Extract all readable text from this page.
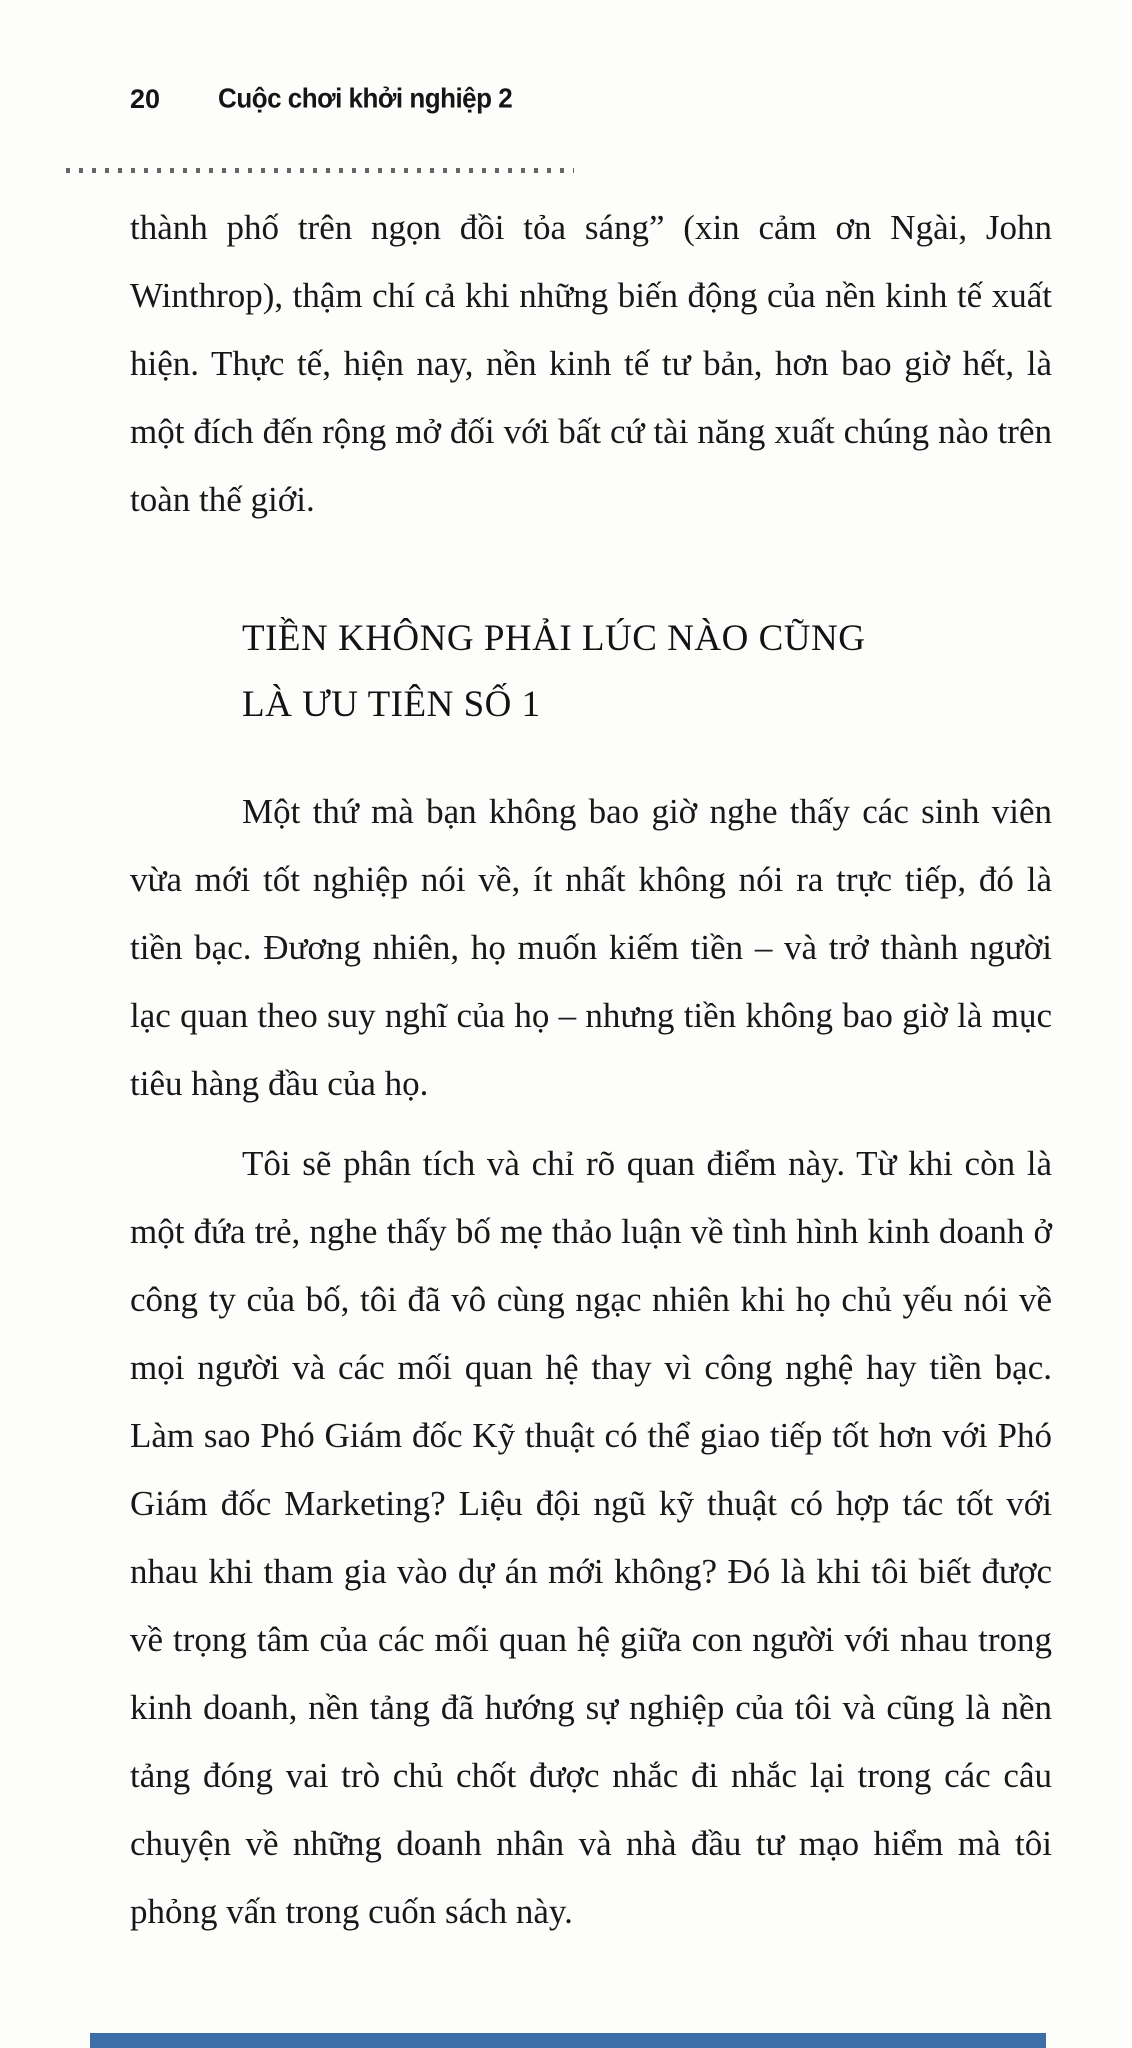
20 Cuộc chơi khởi nghiệp 2

thành phố trên ngọn đồi tỏa sáng” (xin cảm ơn Ngài, John Winthrop), thậm chí cả khi những biến động của nền kinh tế xuất hiện. Thực tế, hiện nay, nền kinh tế tư bản, hơn bao giờ hết, là một đích đến rộng mở đối với bất cứ tài năng xuất chúng nào trên toàn thế giới.

TIỀN KHÔNG PHẢI LÚC NÀO CŨNG
LÀ ƯU TIÊN SỐ 1

Một thứ mà bạn không bao giờ nghe thấy các sinh viên vừa mới tốt nghiệp nói về, ít nhất không nói ra trực tiếp, đó là tiền bạc. Đương nhiên, họ muốn kiếm tiền – và trở thành người lạc quan theo suy nghĩ của họ – nhưng tiền không bao giờ là mục tiêu hàng đầu của họ.

Tôi sẽ phân tích và chỉ rõ quan điểm này. Từ khi còn là một đứa trẻ, nghe thấy bố mẹ thảo luận về tình hình kinh doanh ở công ty của bố, tôi đã vô cùng ngạc nhiên khi họ chủ yếu nói về mọi người và các mối quan hệ thay vì công nghệ hay tiền bạc. Làm sao Phó Giám đốc Kỹ thuật có thể giao tiếp tốt hơn với Phó Giám đốc Marketing? Liệu đội ngũ kỹ thuật có hợp tác tốt với nhau khi tham gia vào dự án mới không? Đó là khi tôi biết được về trọng tâm của các mối quan hệ giữa con người với nhau trong kinh doanh, nền tảng đã hướng sự nghiệp của tôi và cũng là nền tảng đóng vai trò chủ chốt được nhắc đi nhắc lại trong các câu chuyện về những doanh nhân và nhà đầu tư mạo hiểm mà tôi phỏng vấn trong cuốn sách này.
